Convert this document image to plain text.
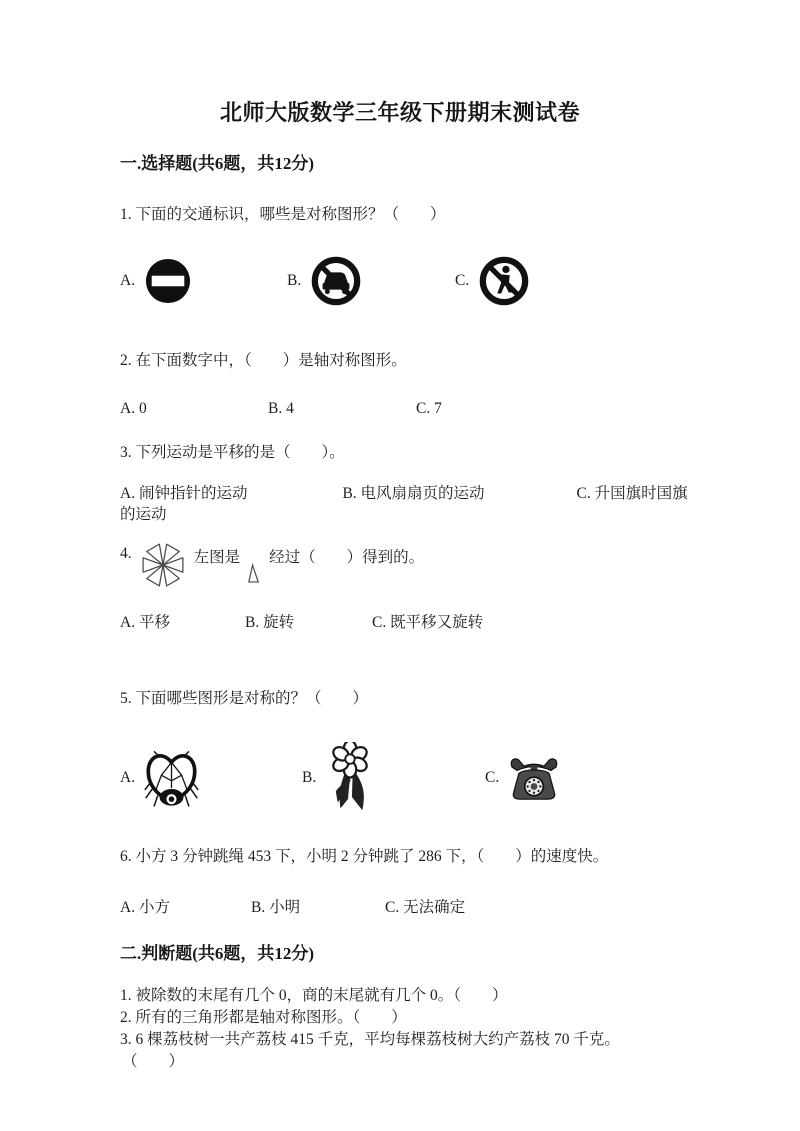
北师大版数学三年级下册期末测试卷
一.选择题(共6题，共12分)
1. 下面的交通标识，哪些是对称图形？（　　）
A.	B.	C.
2. 在下面数字中，（　　）是轴对称图形。
A. 0	B. 4	C. 7
3. 下列运动是平移的是（　　）。

A. 闹钟指针的运动	B. 电风扇扇页的运动	C. 升国旗时国旗的运动

4.	左图是 经过（　　）得到的。
A. 平移	B. 旋转	C. 既平移又旋转
5. 下面哪些图形是对称的？（　　）
A.	B.	C.
6. 小方 3 分钟跳绳 453 下，小明 2 分钟跳了 286 下，（　　）的速度快。
A. 小方	B. 小明	C. 无法确定
二.判断题(共6题，共12分)
1. 被除数的末尾有几个 0，商的末尾就有几个 0。（　　）
2. 所有的三角形都是轴对称图形。（　　）
3. 6 棵荔枝树一共产荔枝 415 千克，平均每棵荔枝树大约产荔枝 70 千克。
（　　）
